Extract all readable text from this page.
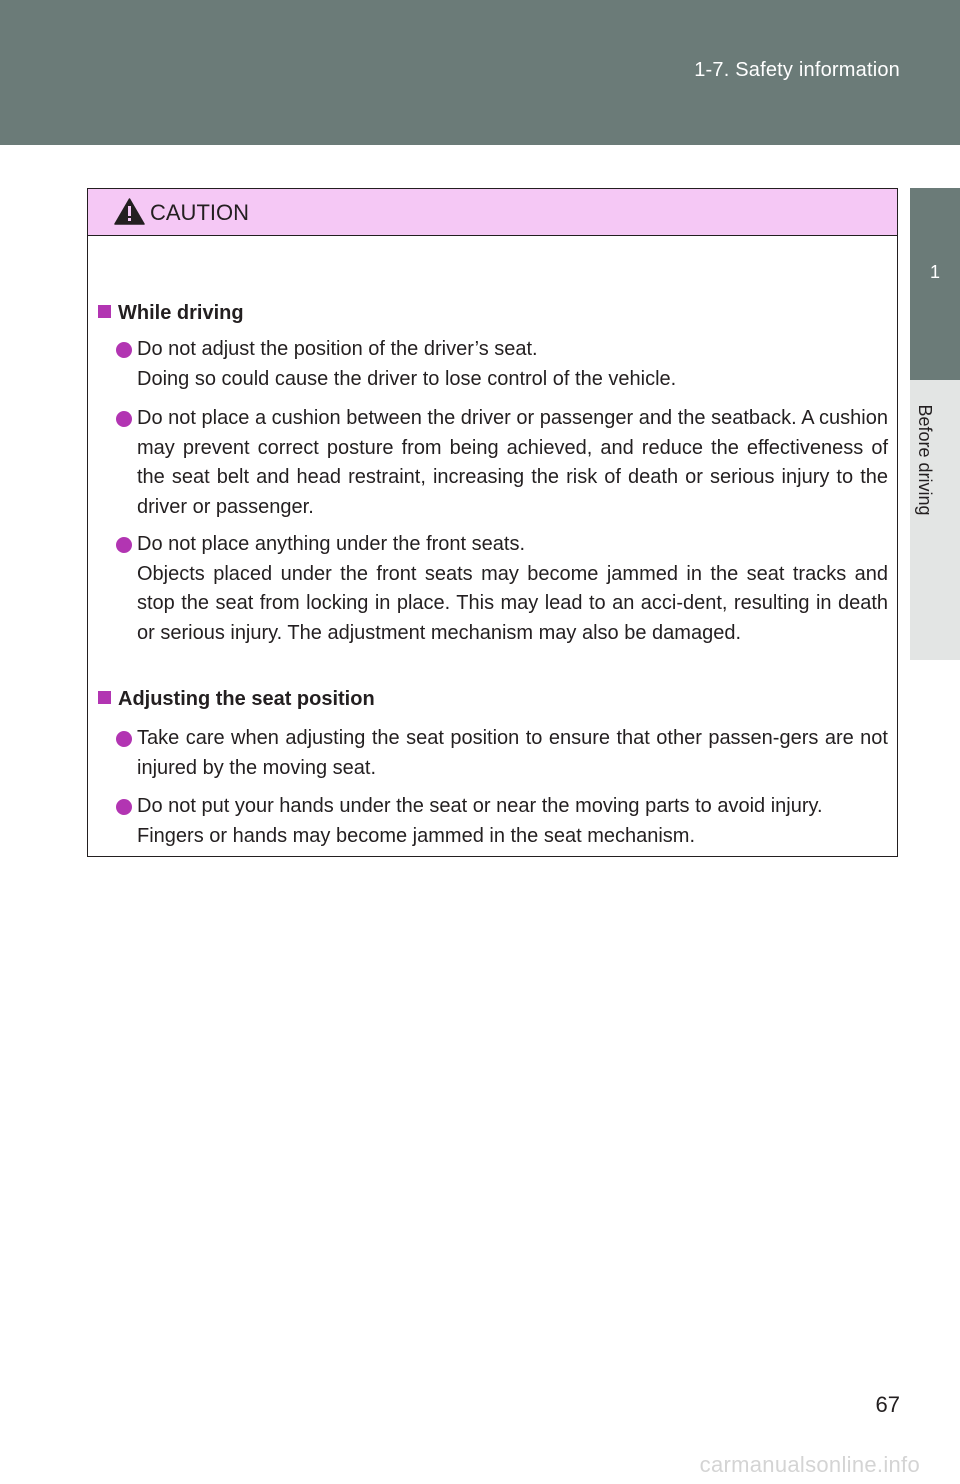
1-7. Safety information
1
Before driving
CAUTION
While driving

Do not adjust the position of the driver’s seat.

Doing so could cause the driver to lose control of the vehicle.

Do not place a cushion between the driver or passenger and the seatback. A cushion may prevent correct posture from being achieved, and reduce the effectiveness of the seat belt and head restraint, increasing the risk of death or serious injury to the driver or passenger.

Do not place anything under the front seats.

Objects placed under the front seats may become jammed in the seat tracks and stop the seat from locking in place. This may lead to an acci-dent, resulting in death or serious injury. The adjustment mechanism may also be damaged.

Adjusting the seat position

Take care when adjusting the seat position to ensure that other passen-gers are not injured by the moving seat.

Do not put your hands under the seat or near the moving parts to avoid injury.

Fingers or hands may become jammed in the seat mechanism.

67
carmanualsonline.info
